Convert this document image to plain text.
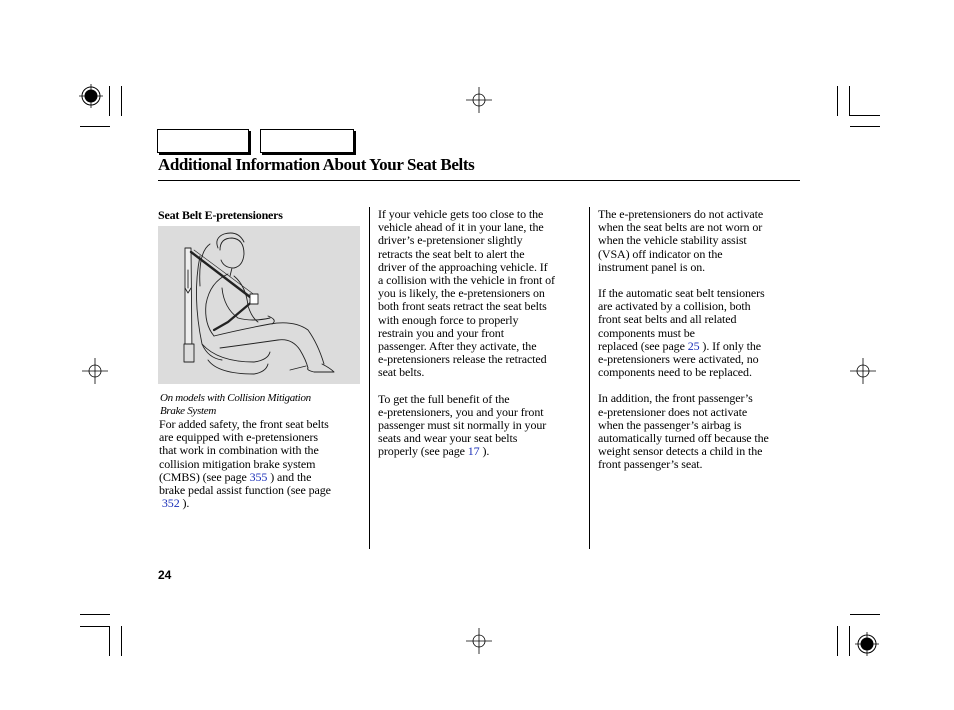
Additional Information About Your Seat Belts
Seat Belt E-pretensioners
On models with Collision Mitigation
Brake System

For added safety, the front seat belts

are equipped with e-pretensioners

that work in combination with the

collision mitigation brake system

(CMBS) (see page 355 ) and the

brake pedal assist function (see page

352 ).

If your vehicle gets too close to the

vehicle ahead of it in your lane, the

driver’s e-pretensioner slightly

retracts the seat belt to alert the

driver of the approaching vehicle. If

a collision with the vehicle in front of

you is likely, the e-pretensioners on

both front seats retract the seat belts

with enough force to properly

restrain you and your front

passenger. After they activate, the

e-pretensioners release the retracted

seat belts.

To get the full benefit of the

e-pretensioners, you and your front

passenger must sit normally in your

seats and wear your seat belts

properly (see page 17 ).

The e-pretensioners do not activate

when the seat belts are not worn or

when the vehicle stability assist

(VSA) off indicator on the

instrument panel is on.

If the automatic seat belt tensioners

are activated by a collision, both

front seat belts and all related

components must be

replaced (see page 25 ). If only the

e-pretensioners were activated, no

components need to be replaced.

In addition, the front passenger’s

e-pretensioner does not activate

when the passenger’s airbag is

automatically turned off because the

weight sensor detects a child in the

front passenger’s seat.

24
